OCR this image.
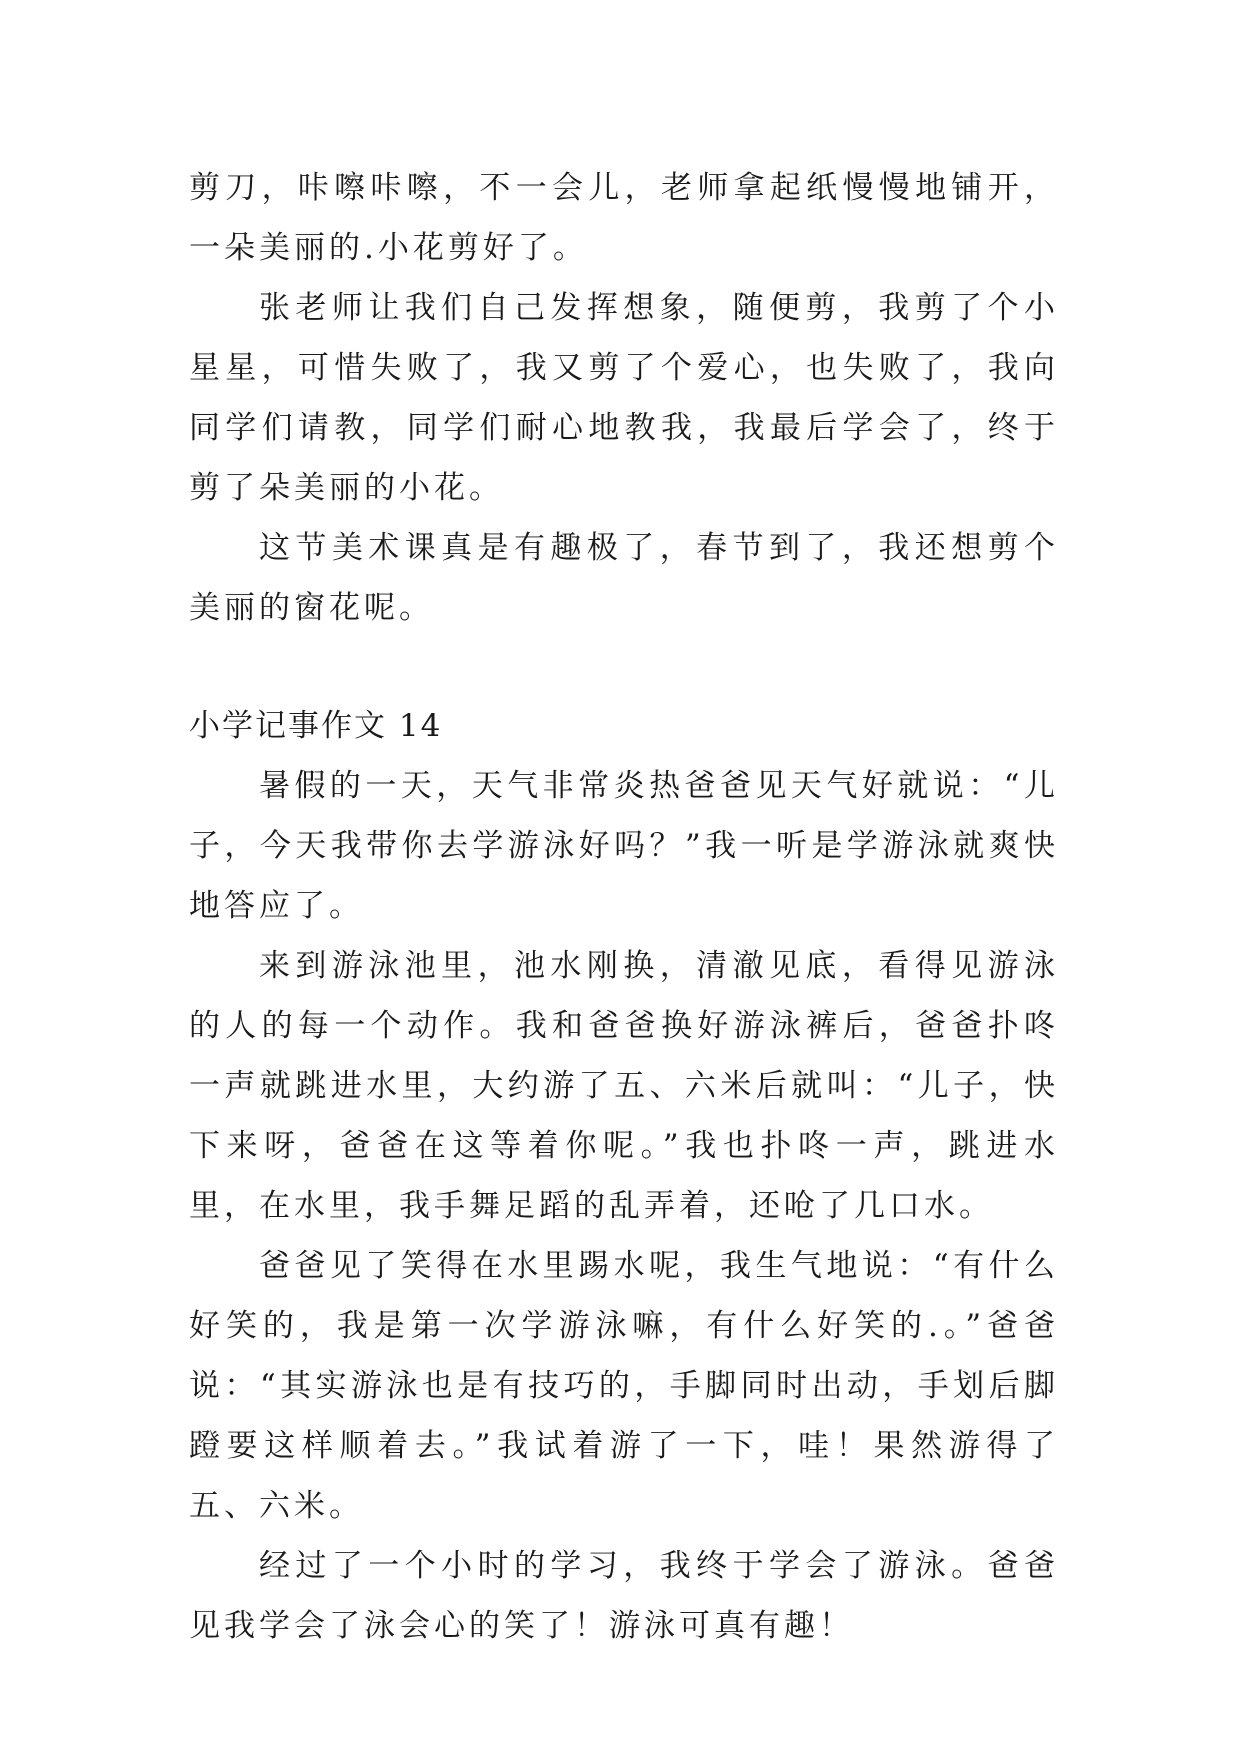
剪刀，咔嚓咔嚓，不一会儿，老师拿起纸慢慢地铺开，一朵美丽的.小花剪好了。

张老师让我们自己发挥想象，随便剪，我剪了个小星星，可惜失败了，我又剪了个爱心，也失败了，我向同学们请教，同学们耐心地教我，我最后学会了，终于剪了朵美丽的小花。

这节美术课真是有趣极了，春节到了，我还想剪个美丽的窗花呢。

小学记事作文 14

暑假的一天，天气非常炎热爸爸见天气好就说：“儿子，今天我带你去学游泳好吗？”我一听是学游泳就爽快地答应了。

来到游泳池里，池水刚换，清澈见底，看得见游泳的人的每一个动作。我和爸爸换好游泳裤后，爸爸扑咚一声就跳进水里，大约游了五、六米后就叫：“儿子，快下来呀，爸爸在这等着你呢。”我也扑咚一声，跳进水里，在水里，我手舞足蹈的乱弄着，还呛了几口水。

爸爸见了笑得在水里踢水呢，我生气地说：“有什么好笑的，我是第一次学游泳嘛，有什么好笑的.。”爸爸说：“其实游泳也是有技巧的，手脚同时出动，手划后脚蹬要这样顺着去。”我试着游了一下，哇！果然游得了五、六米。

经过了一个小时的学习，我终于学会了游泳。爸爸见我学会了泳会心的笑了！游泳可真有趣！
